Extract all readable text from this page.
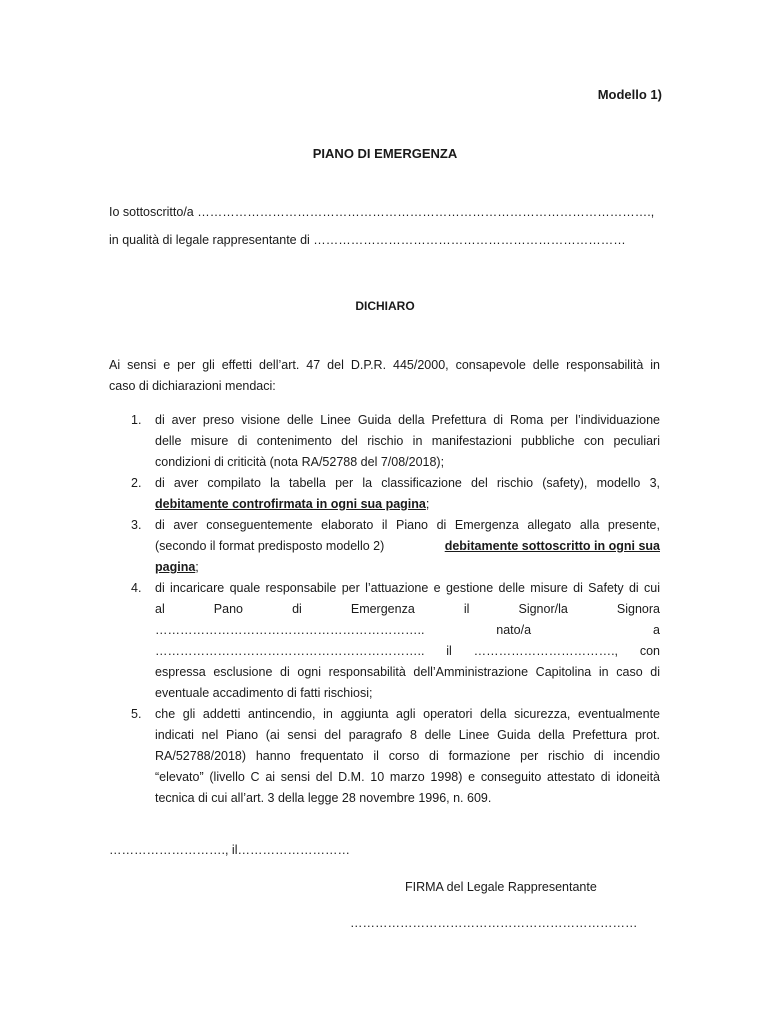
Modello 1)
PIANO DI EMERGENZA
Io sottoscritto/a ……………………………………………………………………………………………….,
in qualità di legale rappresentante di …………………………………………………………………
DICHIARO
Ai sensi e per gli effetti dell’art. 47 del D.P.R. 445/2000, consapevole delle responsabilità in
caso di dichiarazioni mendaci:
1. di aver preso visione delle Linee Guida della Prefettura di Roma per l’individuazione
delle misure di contenimento del rischio in manifestazioni pubbliche con peculiari
condizioni di criticità (nota RA/52788 del 7/08/2018);
2. di aver compilato la tabella per la classificazione del rischio (safety), modello 3,
debitamente controfirmata in ogni sua pagina;
3. di aver conseguentemente elaborato il Piano di Emergenza allegato alla presente,
(secondo il format predisposto modello 2)	debitamente sottoscritto in ogni sua
pagina;
4. di incaricare quale responsabile per l’attuazione e gestione delle misure di Safety di cui
al	Pano	di	Emergenza	il	Signor/la	Signora
………………………………………………………..	nato/a	a
……………………………………………………….. il ……………………………., con
espressa esclusione di ogni responsabilità dell’Amministrazione Capitolina in caso di
eventuale accadimento di fatti rischiosi;
5. che gli addetti antincendio, in aggiunta agli operatori della sicurezza, eventualmente
indicati nel Piano (ai sensi del paragrafo 8 delle Linee Guida della Prefettura prot.
RA/52788/2018) hanno frequentato il corso di formazione per rischio di incendio
“elevato” (livello C ai sensi del D.M. 10 marzo 1998) e conseguito attestato di idoneità
tecnica di cui all’art. 3 della legge 28 novembre 1996, n. 609.
………………………., il………………………
FIRMA del Legale Rappresentante
……………………………………………………………
